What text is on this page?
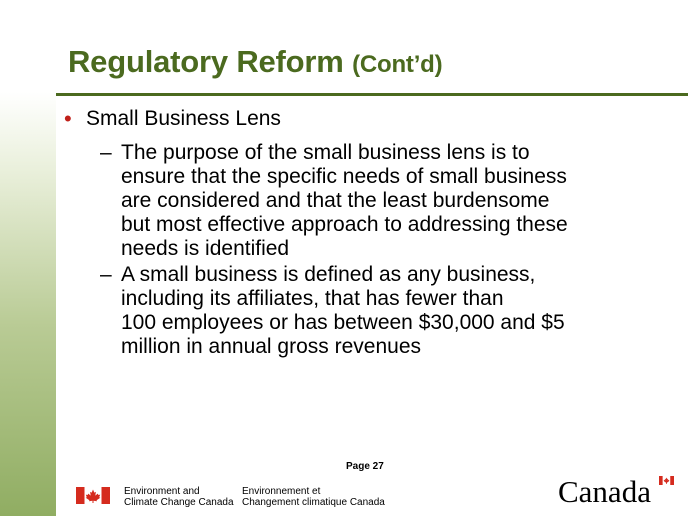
Regulatory Reform (Cont’d)
• Small Business Lens

– The purpose of the small business lens is to
ensure that the specific needs of small business
are considered and that the least burdensome
but most effective approach to addressing these
needs is identified

– A small business is defined as any business,
including its affiliates, that has fewer than
100 employees or has between $30,000 and $5
million in annual gross revenues

Page 27
Environment and
Climate Change Canada
Environnement et
Changement climatique Canada	Canada
